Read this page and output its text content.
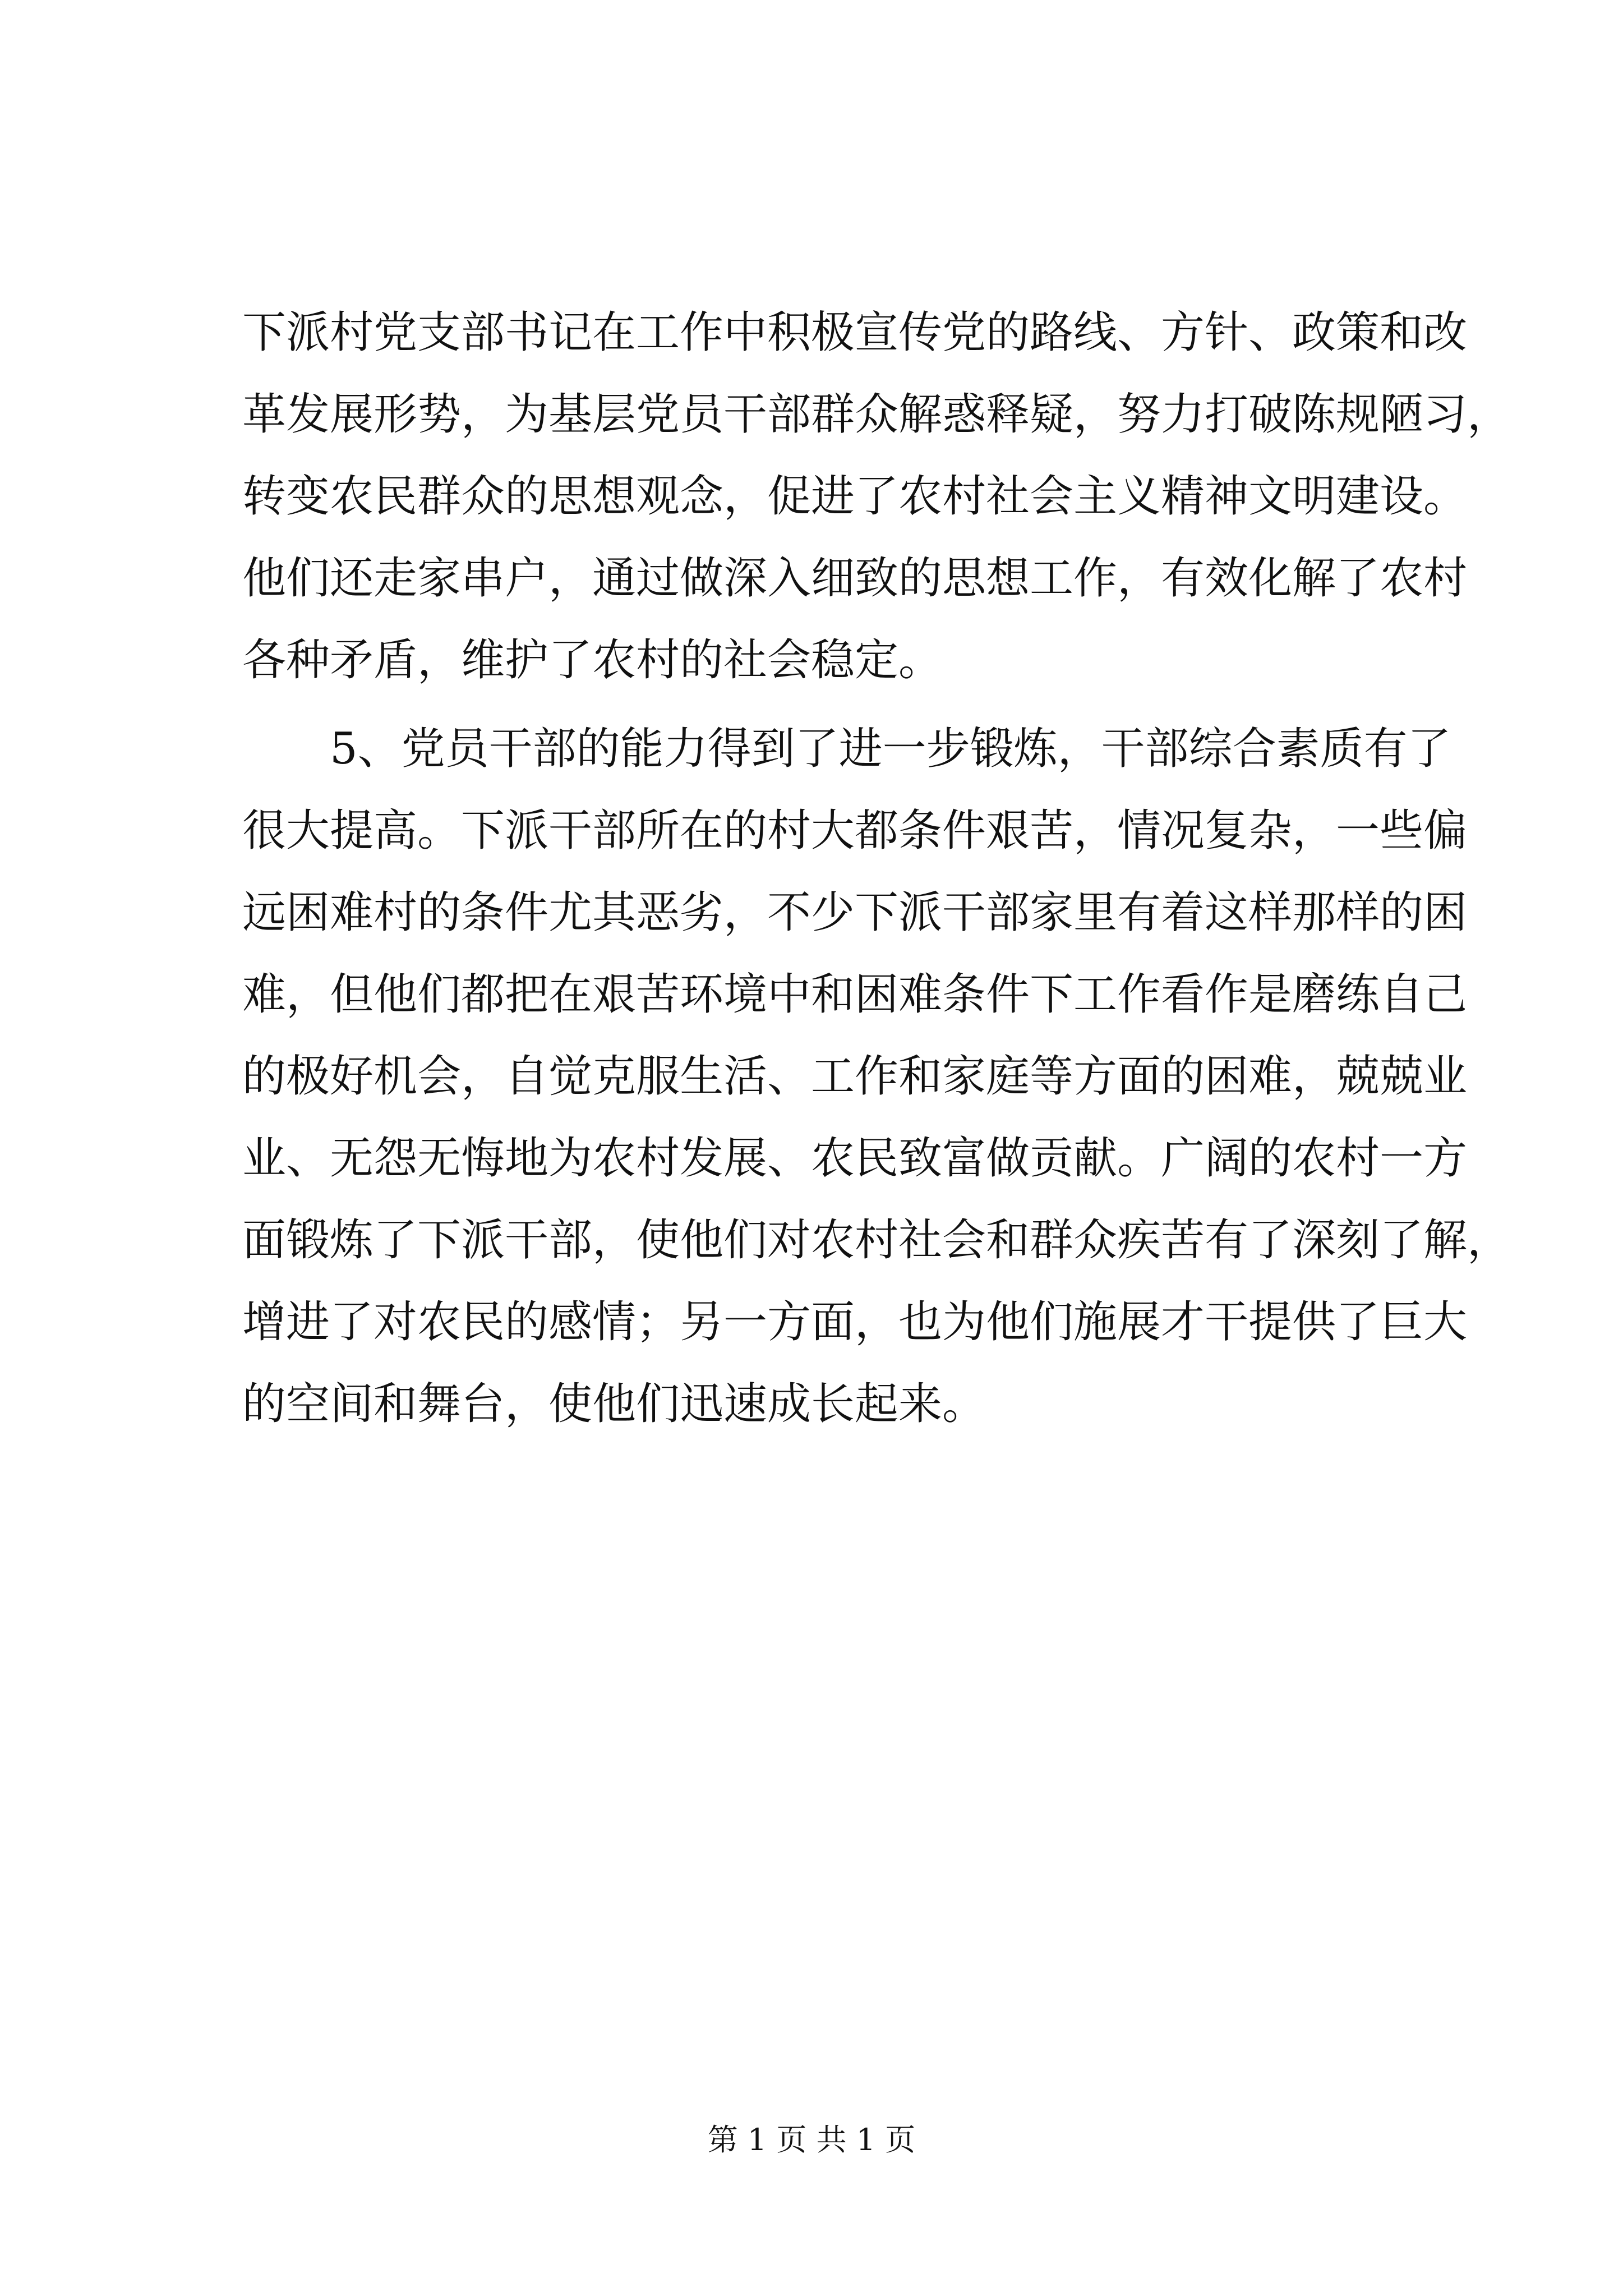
下派村党支部书记在工作中积极宣传党的路线、方针、政策和改
革发展形势，为基层党员干部群众解惑释疑，努力打破陈规陋习，
转变农民群众的思想观念，促进了农村社会主义精神文明建设。
他们还走家串户，通过做深入细致的思想工作，有效化解了农村
各种矛盾，维护了农村的社会稳定。
5、党员干部的能力得到了进一步锻炼，干部综合素质有了
很大提高。下派干部所在的村大都条件艰苦，情况复杂，一些偏
远困难村的条件尤其恶劣，不少下派干部家里有着这样那样的困
难，但他们都把在艰苦环境中和困难条件下工作看作是磨练自己
的极好机会，自觉克服生活、工作和家庭等方面的困难，兢兢业
业、无怨无悔地为农村发展、农民致富做贡献。广阔的农村一方
面锻炼了下派干部，使他们对农村社会和群众疾苦有了深刻了解，
增进了对农民的感情；另一方面，也为他们施展才干提供了巨大
的空间和舞台，使他们迅速成长起来。
第 1 页 共 1 页
